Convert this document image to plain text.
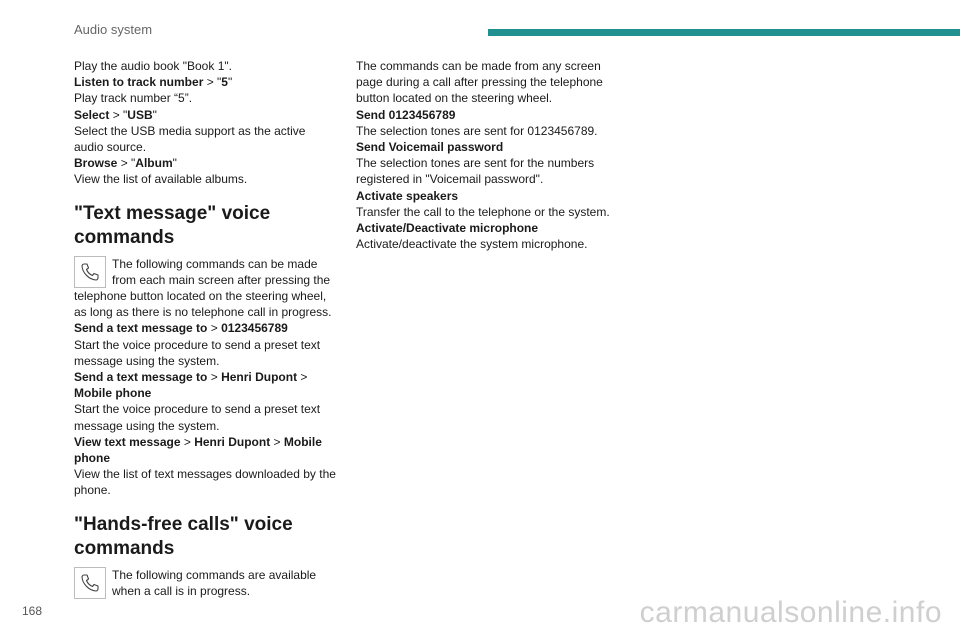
Audio system

Play the audio book "Book 1".

Listen to track number > "5"

Play track number “5”.

Select > "USB"

Select the USB media support as the active audio source.

Browse > "Album"

View the list of available albums.

"Text message" voice commands

The following commands can be made from each main screen after pressing the telephone button located on the steering wheel, as long as there is no telephone call in progress.

Send a text message to > 0123456789

Start the voice procedure to send a preset text message using the system.

Send a text message to > Henri Dupont > Mobile phone

Start the voice procedure to send a preset text message using the system.

View text message > Henri Dupont > Mobile phone

View the list of text messages downloaded by the phone.

"Hands-free calls" voice commands

The following commands are available when a call is in progress.

The commands can be made from any screen page during a call after pressing the telephone button located on the steering wheel.

Send 0123456789

The selection tones are sent for 0123456789.

Send Voicemail password

The selection tones are sent for the numbers registered in "Voicemail password".

Activate speakers

Transfer the call to the telephone or the system.

Activate/Deactivate microphone

Activate/deactivate the system microphone.

168	carmanualsonline.info
